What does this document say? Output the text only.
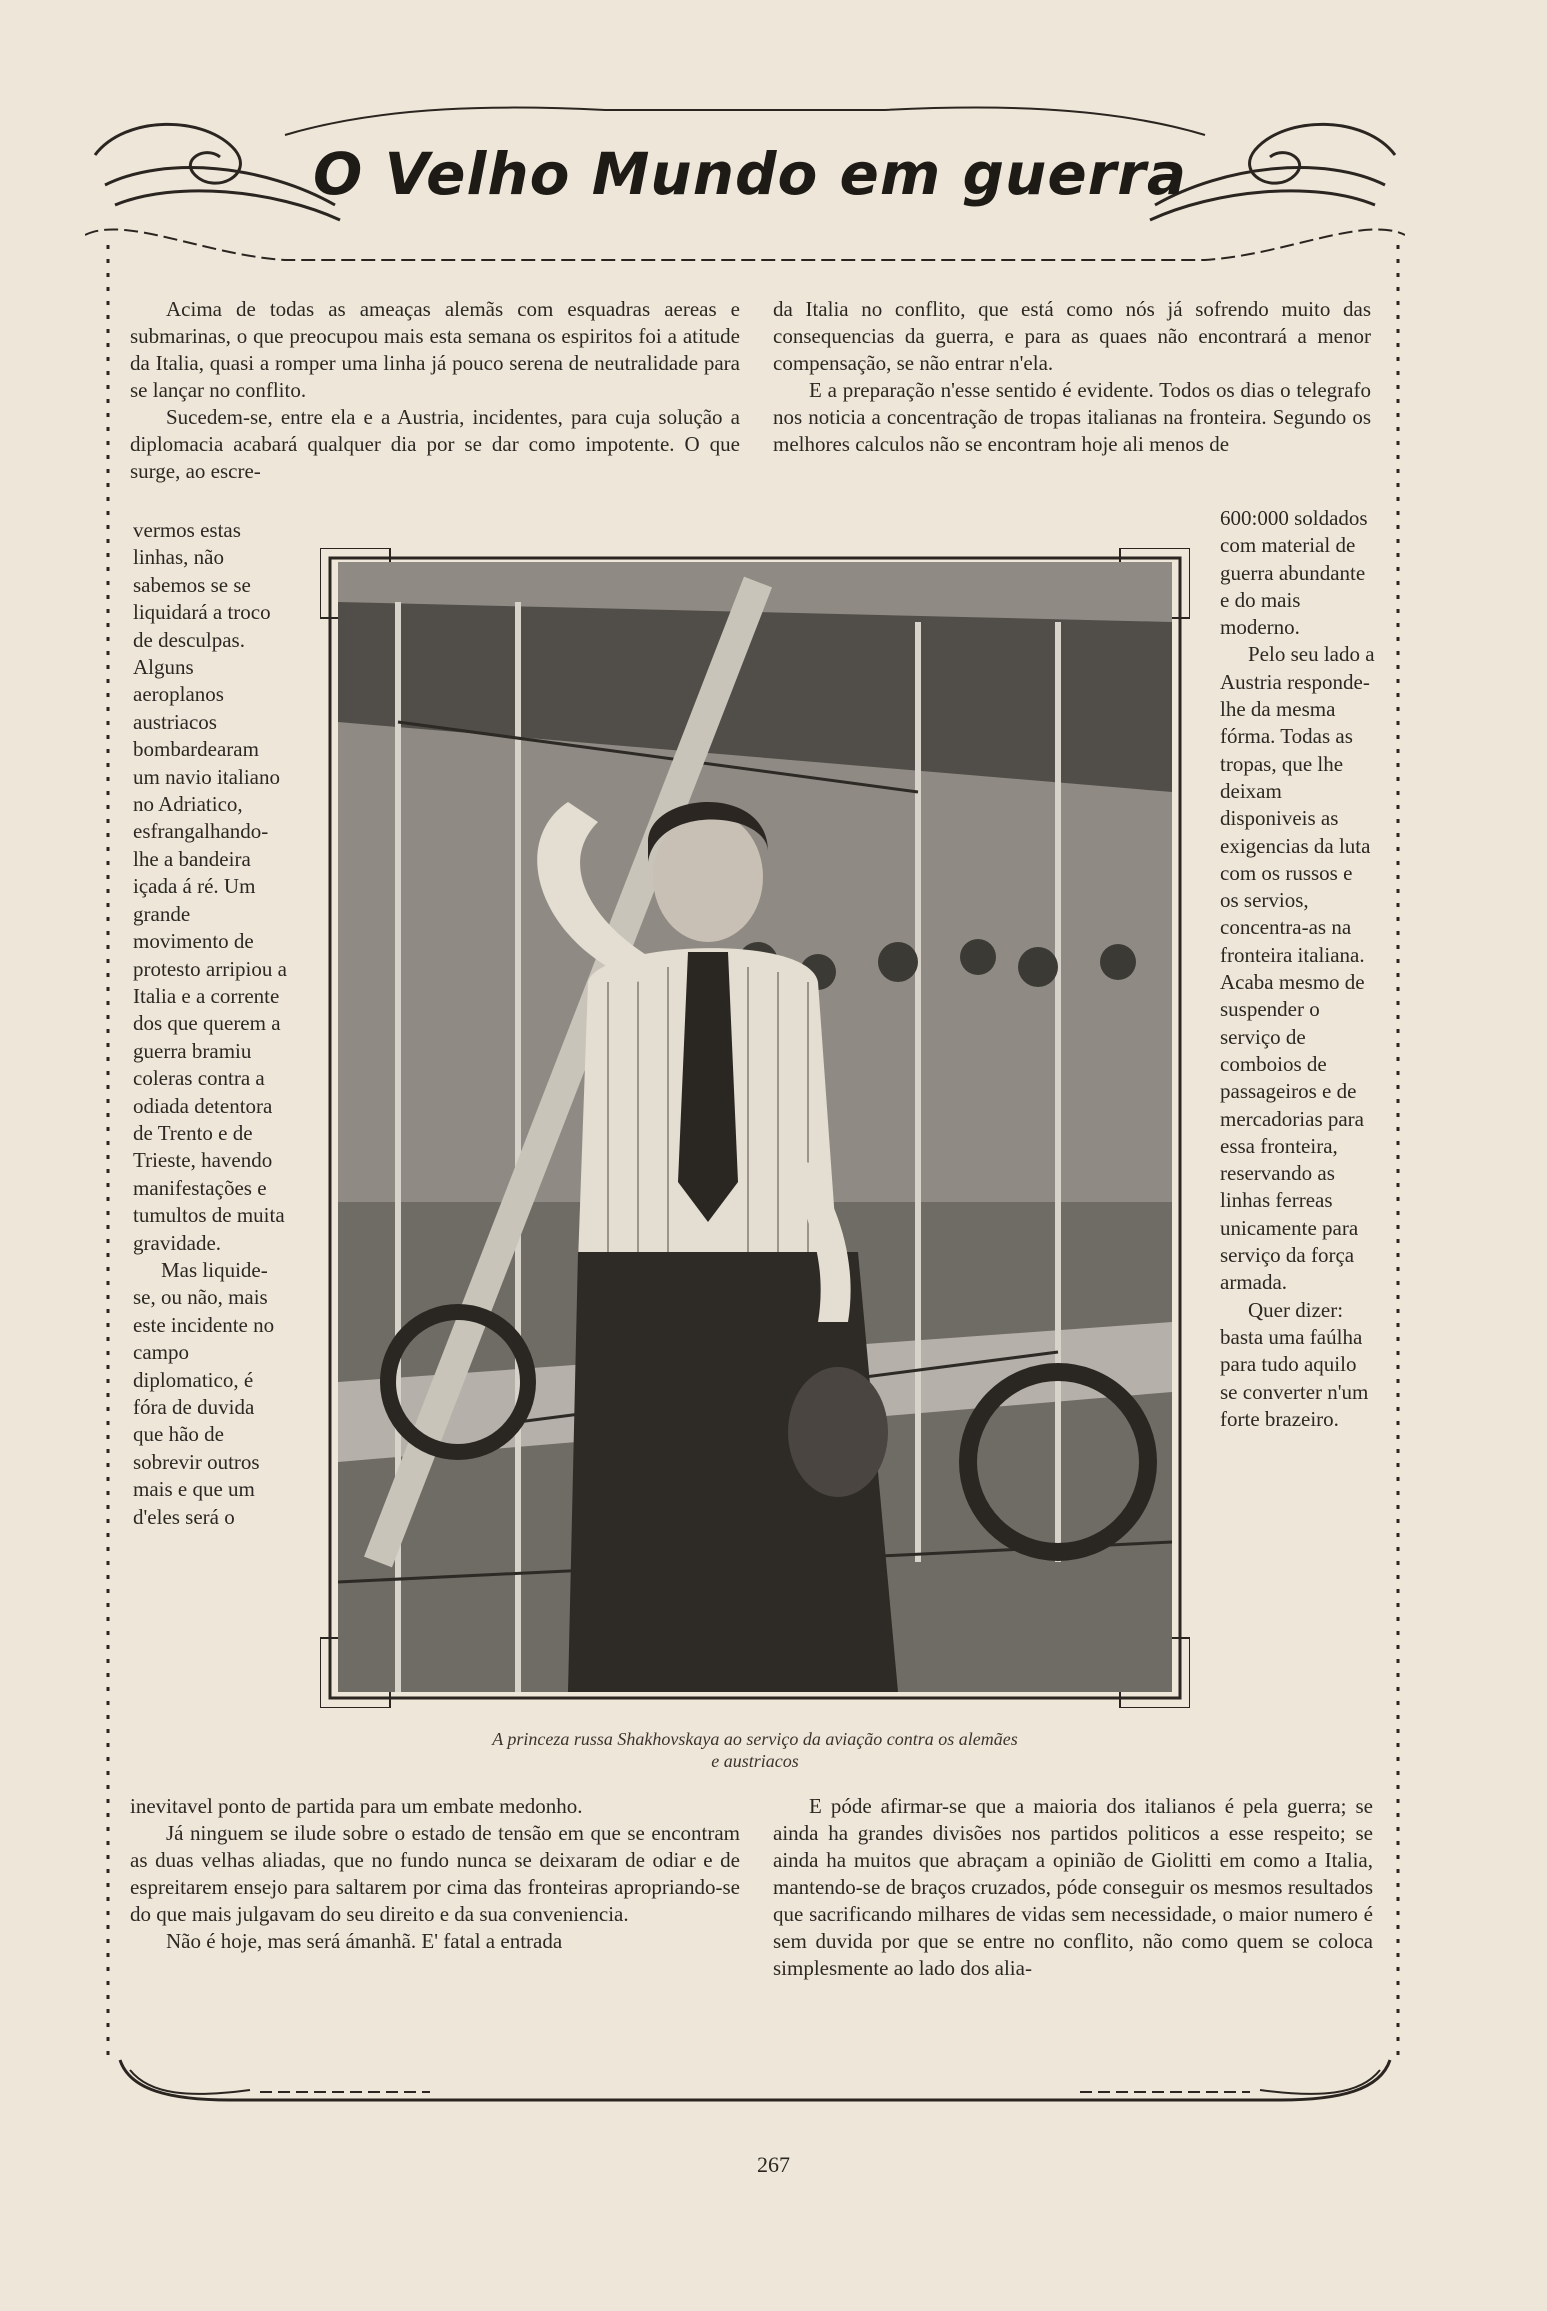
O Velho Mundo em guerra

Acima de todas as ameaças alemãs com esquadras aereas e submarinas, o que preocupou mais esta semana os espiritos foi a atitude da Italia, quasi a romper uma linha já pouco serena de neutralidade para se lançar no conflito.

Sucedem-se, entre ela e a Austria, incidentes, para cuja solução a diplomacia acabará qualquer dia por se dar como impotente. O que surge, ao escre-

da Italia no conflito, que está como nós já sofrendo muito das consequencias da guerra, e para as quaes não encontrará a menor compensação, se não entrar n'ela.

E a preparação n'esse sentido é evidente. Todos os dias o telegrafo nos noticia a concentração de tropas italianas na fronteira. Segundo os melhores calculos não se encontram hoje ali menos de

vermos estas linhas, não sabemos se se liquidará a troco de desculpas. Alguns aeroplanos austriacos bombardearam um navio italiano no Adriatico, esfrangalhando-lhe a bandeira içada á ré. Um grande movimento de protesto arripiou a Italia e a corrente dos que querem a guerra bramiu coleras contra a odiada detentora de Trento e de Trieste, havendo manifestações e tumultos de muita gravidade.

Mas liquide-se, ou não, mais este incidente no campo diplomatico, é fóra de duvida que hão de sobrevir outros mais e que um d'eles será o

600:000 soldados com material de guerra abundante e do mais moderno.

Pelo seu lado a Austria responde-lhe da mesma fórma. Todas as tropas, que lhe deixam disponiveis as exigencias da luta com os russos e os servios, concentra-as na fronteira italiana. Acaba mesmo de suspender o serviço de comboios de passageiros e de mercadorias para essa fronteira, reservando as linhas ferreas unicamente para serviço da força armada.

Quer dizer: basta uma faúlha para tudo aquilo se converter n'um forte brazeiro.

A princeza russa Shakhovskaya ao serviço da aviação contra os alemães
e austriacos

inevitavel ponto de partida para um embate medonho.

Já ninguem se ilude sobre o estado de tensão em que se encontram as duas velhas aliadas, que no fundo nunca se deixaram de odiar e de espreitarem ensejo para saltarem por cima das fronteiras apropriando-se do que mais julgavam do seu direito e da sua conveniencia.

Não é hoje, mas será ámanhã. E' fatal a entrada

E póde afirmar-se que a maioria dos italianos é pela guerra; se ainda ha grandes divisões nos partidos politicos a esse respeito; se ainda ha muitos que abraçam a opinião de Giolitti em como a Italia, mantendo-se de braços cruzados, póde conseguir os mesmos resultados que sacrificando milhares de vidas sem necessidade, o maior numero é sem duvida por que se entre no conflito, não como quem se coloca simplesmente ao lado dos alia-

267
